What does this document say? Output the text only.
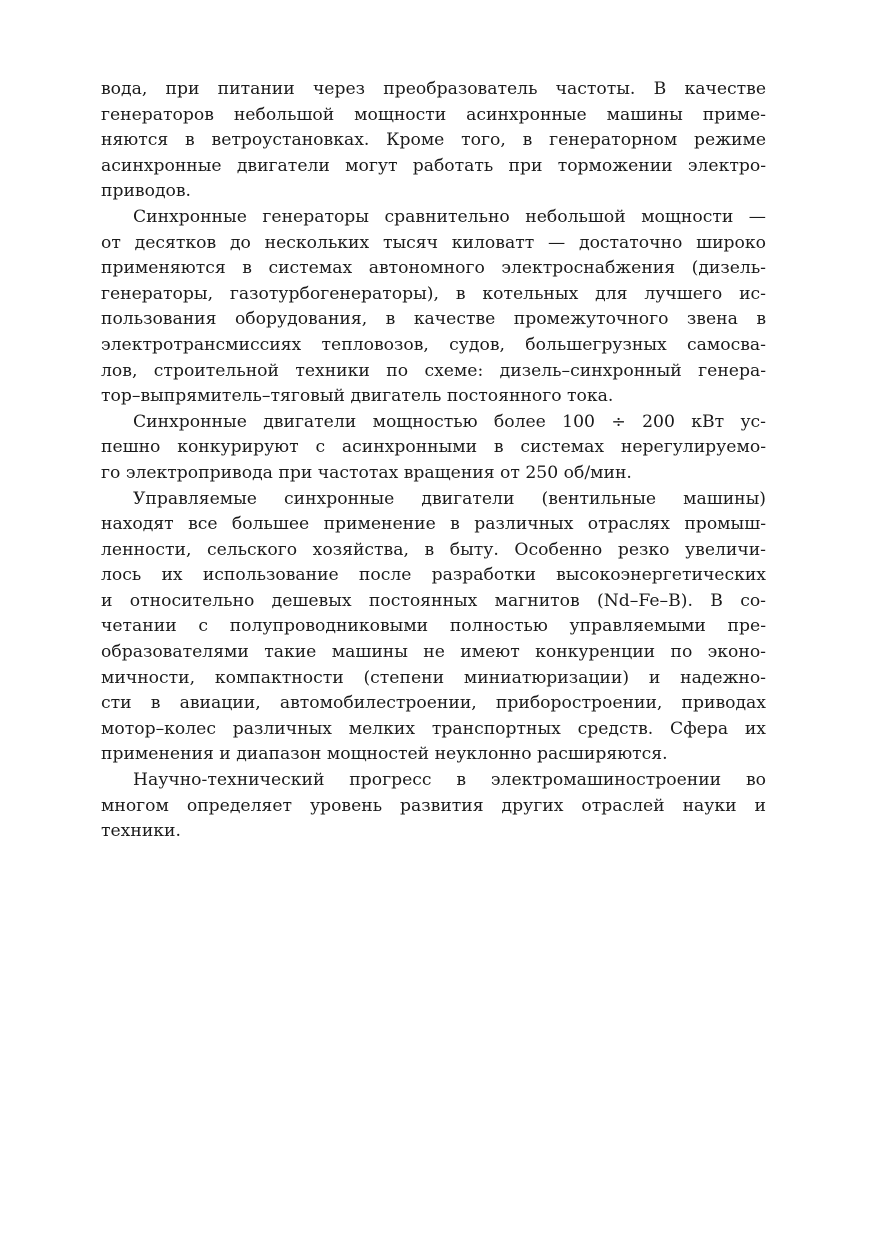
вода, при питании через преобразователь частоты. В качестве
генераторов небольшой мощности асинхронные машины приме-
няются в ветроустановках. Кроме того, в генераторном режиме
асинхронные двигатели могут работать при торможении электро-
приводов.

Синхронные генераторы сравнительно небольшой мощности —
от десятков до нескольких тысяч киловатт — достаточно широко
применяются в системах автономного электроснабжения (дизель-
генераторы, газотурбогенераторы), в котельных для лучшего ис-
пользования оборудования, в качестве промежуточного звена в
электротрансмиссиях тепловозов, судов, большегрузных самосва-
лов, строительной техники по схеме: дизель–синхронный генера-
тор–выпрямитель–тяговый двигатель постоянного тока.

Синхронные двигатели мощностью более 100 ÷ 200 кВт ус-
пешно конкурируют с асинхронными в системах нерегулируемо-
го электропривода при частотах вращения от 250 об/мин.

Управляемые синхронные двигатели (вентильные машины)
находят все большее применение в различных отраслях промыш-
ленности, сельского хозяйства, в быту. Особенно резко увеличи-
лось их использование после разработки высокоэнергетических
и относительно дешевых постоянных магнитов (Nd–Fe–B). В со-
четании с полупроводниковыми полностью управляемыми пре-
образователями такие машины не имеют конкуренции по эконо-
мичности, компактности (степени миниатюризации) и надежно-
сти в авиации, автомобилестроении, приборостроении, приводах
мотор–колес различных мелких транспортных средств. Сфера их
применения и диапазон мощностей неуклонно расширяются.

Научно-технический прогресс в электромашиностроении во
многом определяет уровень развития других отраслей науки и
техники.
